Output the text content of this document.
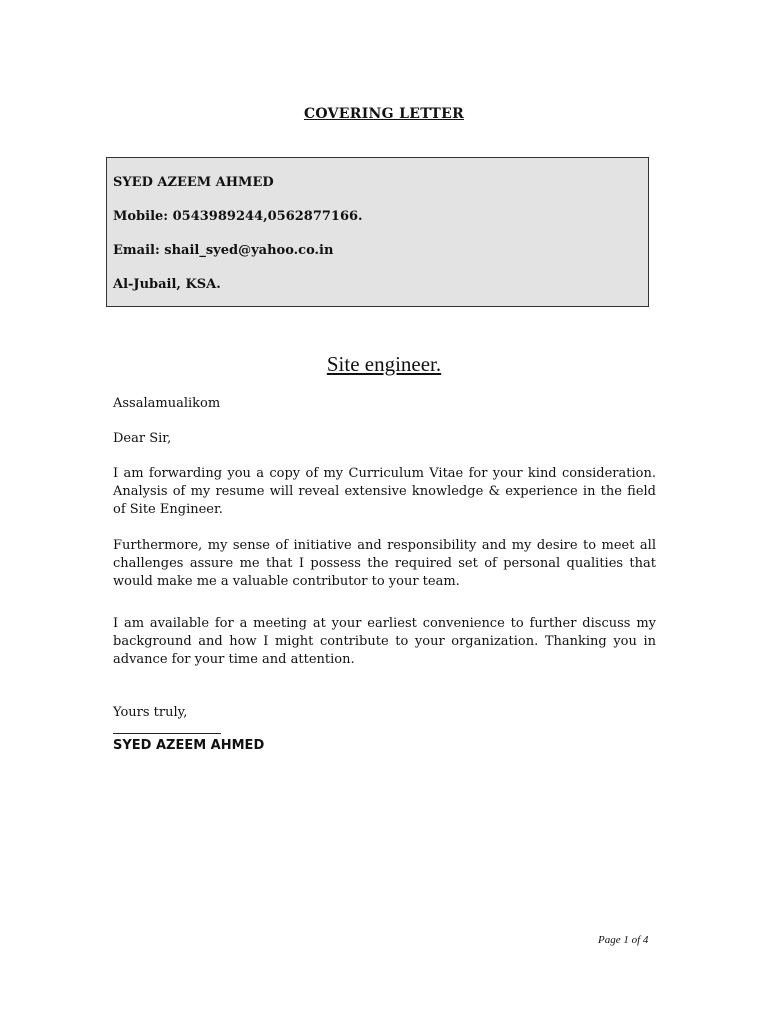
COVERING LETTER
SYED AZEEM AHMED
Mobile: 0543989244,0562877166.
Email: shail_syed@yahoo.co.in
Al-Jubail, KSA.
Site engineer.
Assalamualikom
Dear Sir,
I am forwarding you a copy of my Curriculum Vitae for your kind consideration. Analysis of my resume will reveal extensive knowledge & experience in the field of Site Engineer.
Furthermore, my sense of initiative and responsibility and my desire to meet all challenges assure me that I possess the required set of personal qualities that would make me a valuable contributor to your team.
I am available for a meeting at your earliest convenience to further discuss my background and how I might contribute to your organization. Thanking you in advance for your time and attention.
Yours truly,
SYED AZEEM AHMED
Page 1 of 4
